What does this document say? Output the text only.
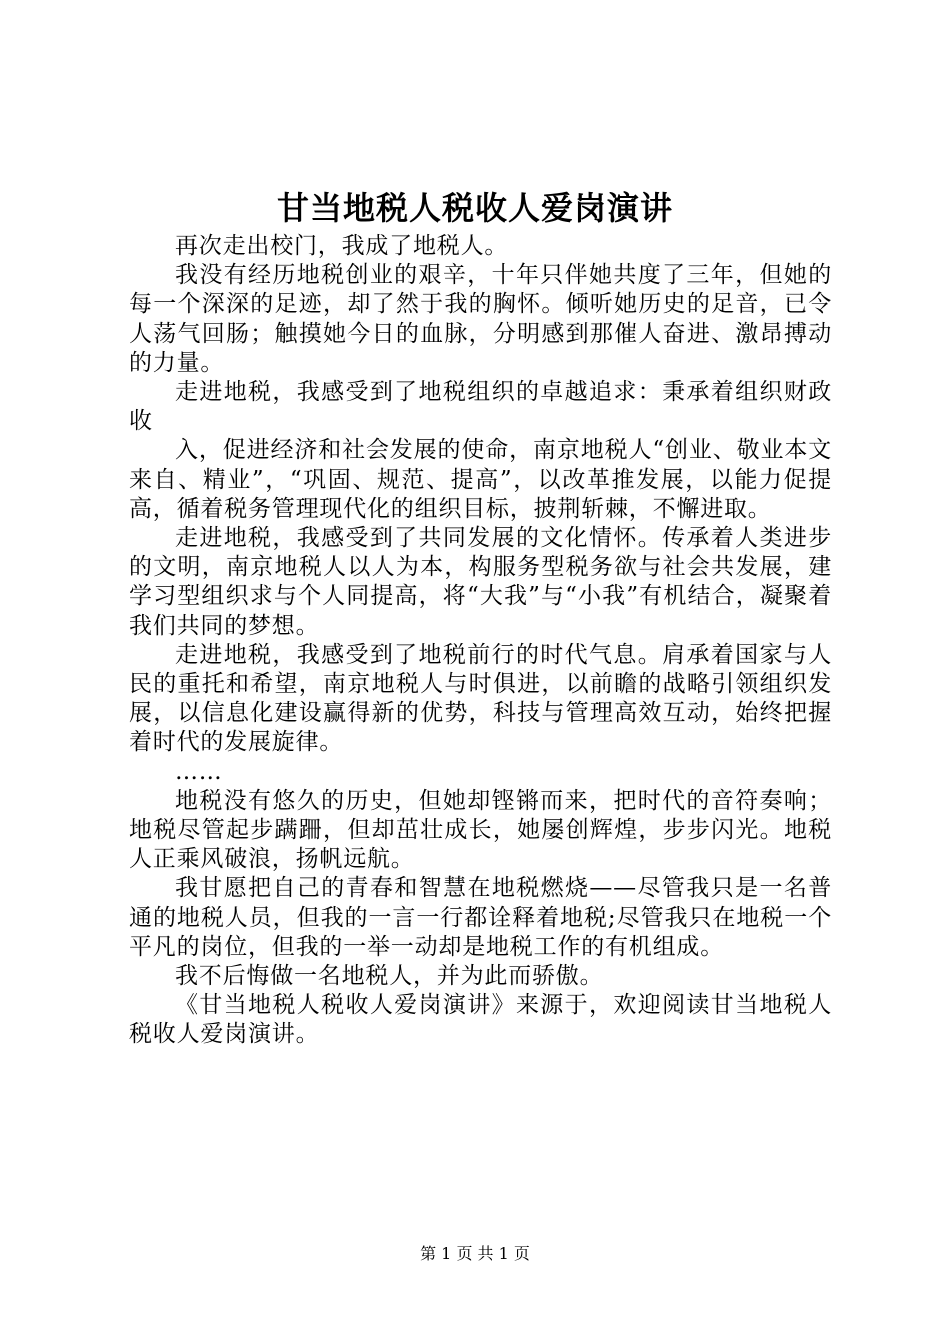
甘当地税人税收人爱岗演讲

再次走出校门，我成了地税人。

我没有经历地税创业的艰辛，十年只伴她共度了三年，但她的每一个深深的足迹，却了然于我的胸怀。倾听她历史的足音，已令人荡气回肠；触摸她今日的血脉，分明感到那催人奋进、激昂搏动的力量。

走进地税，我感受到了地税组织的卓越追求：秉承着组织财政收

入，促进经济和社会发展的使命，南京地税人“创业、敬业本文来自、精业”，“巩固、规范、提高”，以改革推发展，以能力促提高，循着税务管理现代化的组织目标，披荆斩棘，不懈进取。

走进地税，我感受到了共同发展的文化情怀。传承着人类进步的文明，南京地税人以人为本，构服务型税务欲与社会共发展，建学习型组织求与个人同提高，将“大我”与“小我”有机结合，凝聚着我们共同的梦想。

走进地税，我感受到了地税前行的时代气息。肩承着国家与人民的重托和希望，南京地税人与时俱进，以前瞻的战略引领组织发展，以信息化建设赢得新的优势，科技与管理高效互动，始终把握着时代的发展旋律。

……

地税没有悠久的历史，但她却铿锵而来，把时代的音符奏响；地税尽管起步蹒跚，但却茁壮成长，她屡创辉煌，步步闪光。地税人正乘风破浪，扬帆远航。

我甘愿把自己的青春和智慧在地税燃烧——尽管我只是一名普通的地税人员，但我的一言一行都诠释着地税;尽管我只在地税一个平凡的岗位，但我的一举一动却是地税工作的有机组成。

我不后悔做一名地税人，并为此而骄傲。

《甘当地税人税收人爱岗演讲》来源于，欢迎阅读甘当地税人税收人爱岗演讲。

第 1 页 共 1 页
